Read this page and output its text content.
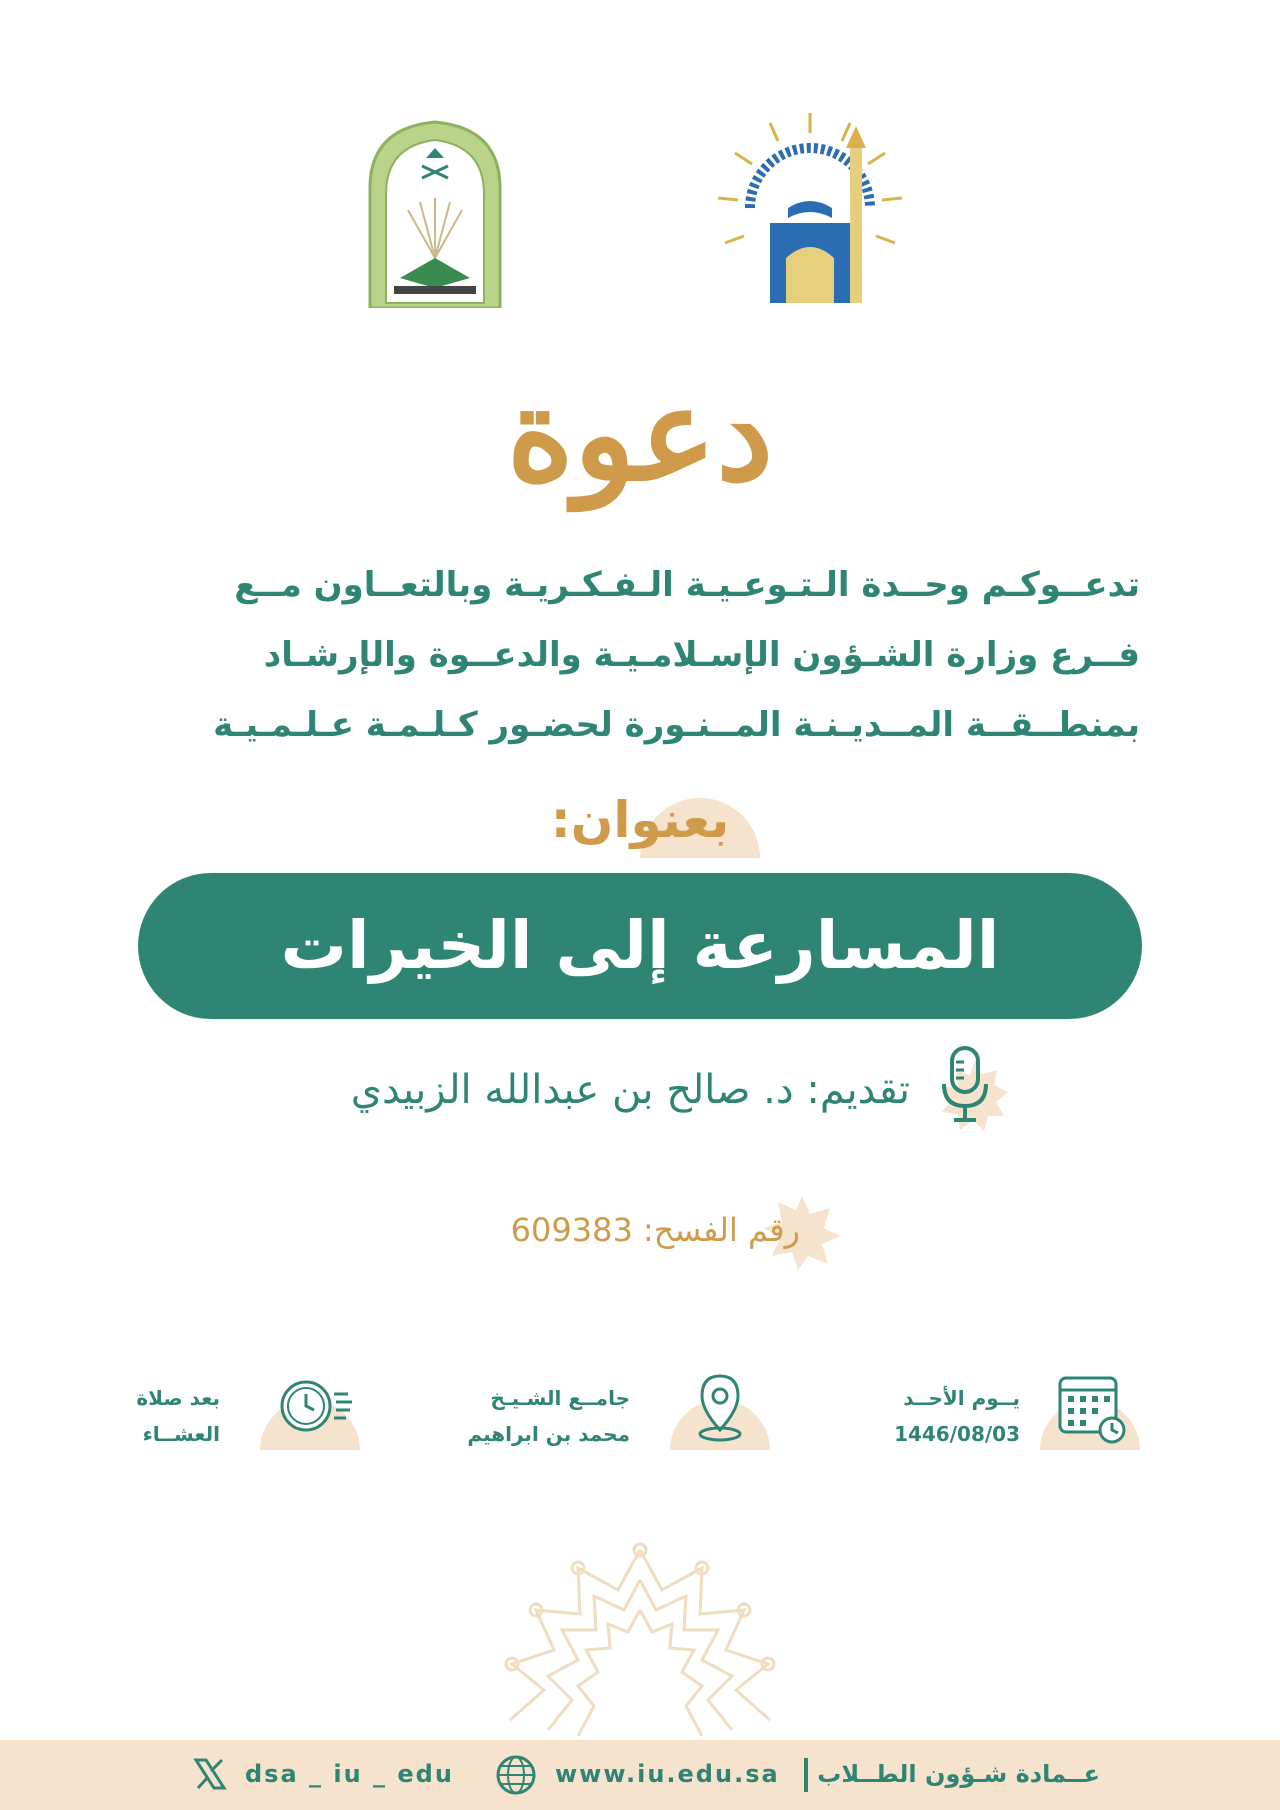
دعوة
تدعــوكـم وحــدة الـتـوعـيـة الـفـكـريـة وبالتعــاون مــع
فــرع وزارة الشـؤون الإسـلامـيـة والدعــوة والإرشـاد
بمنطــقــة المــديـنـة المــنـورة لحضـور كـلـمـة عـلـمـيـة
بعنوان:
المسارعة إلى الخيرات
تقديم: د. صالح بن عبدالله الزبيدي
رقم الفسح: 609383
يــوم الأحــد
1446/08/03
جامــع الشـيـخ
محمد بن ابراهيم
بعد صلاة
العشــاء
عــمادة شـؤون الطــلاب
www.iu.edu.sa
dsa _ iu _ edu
